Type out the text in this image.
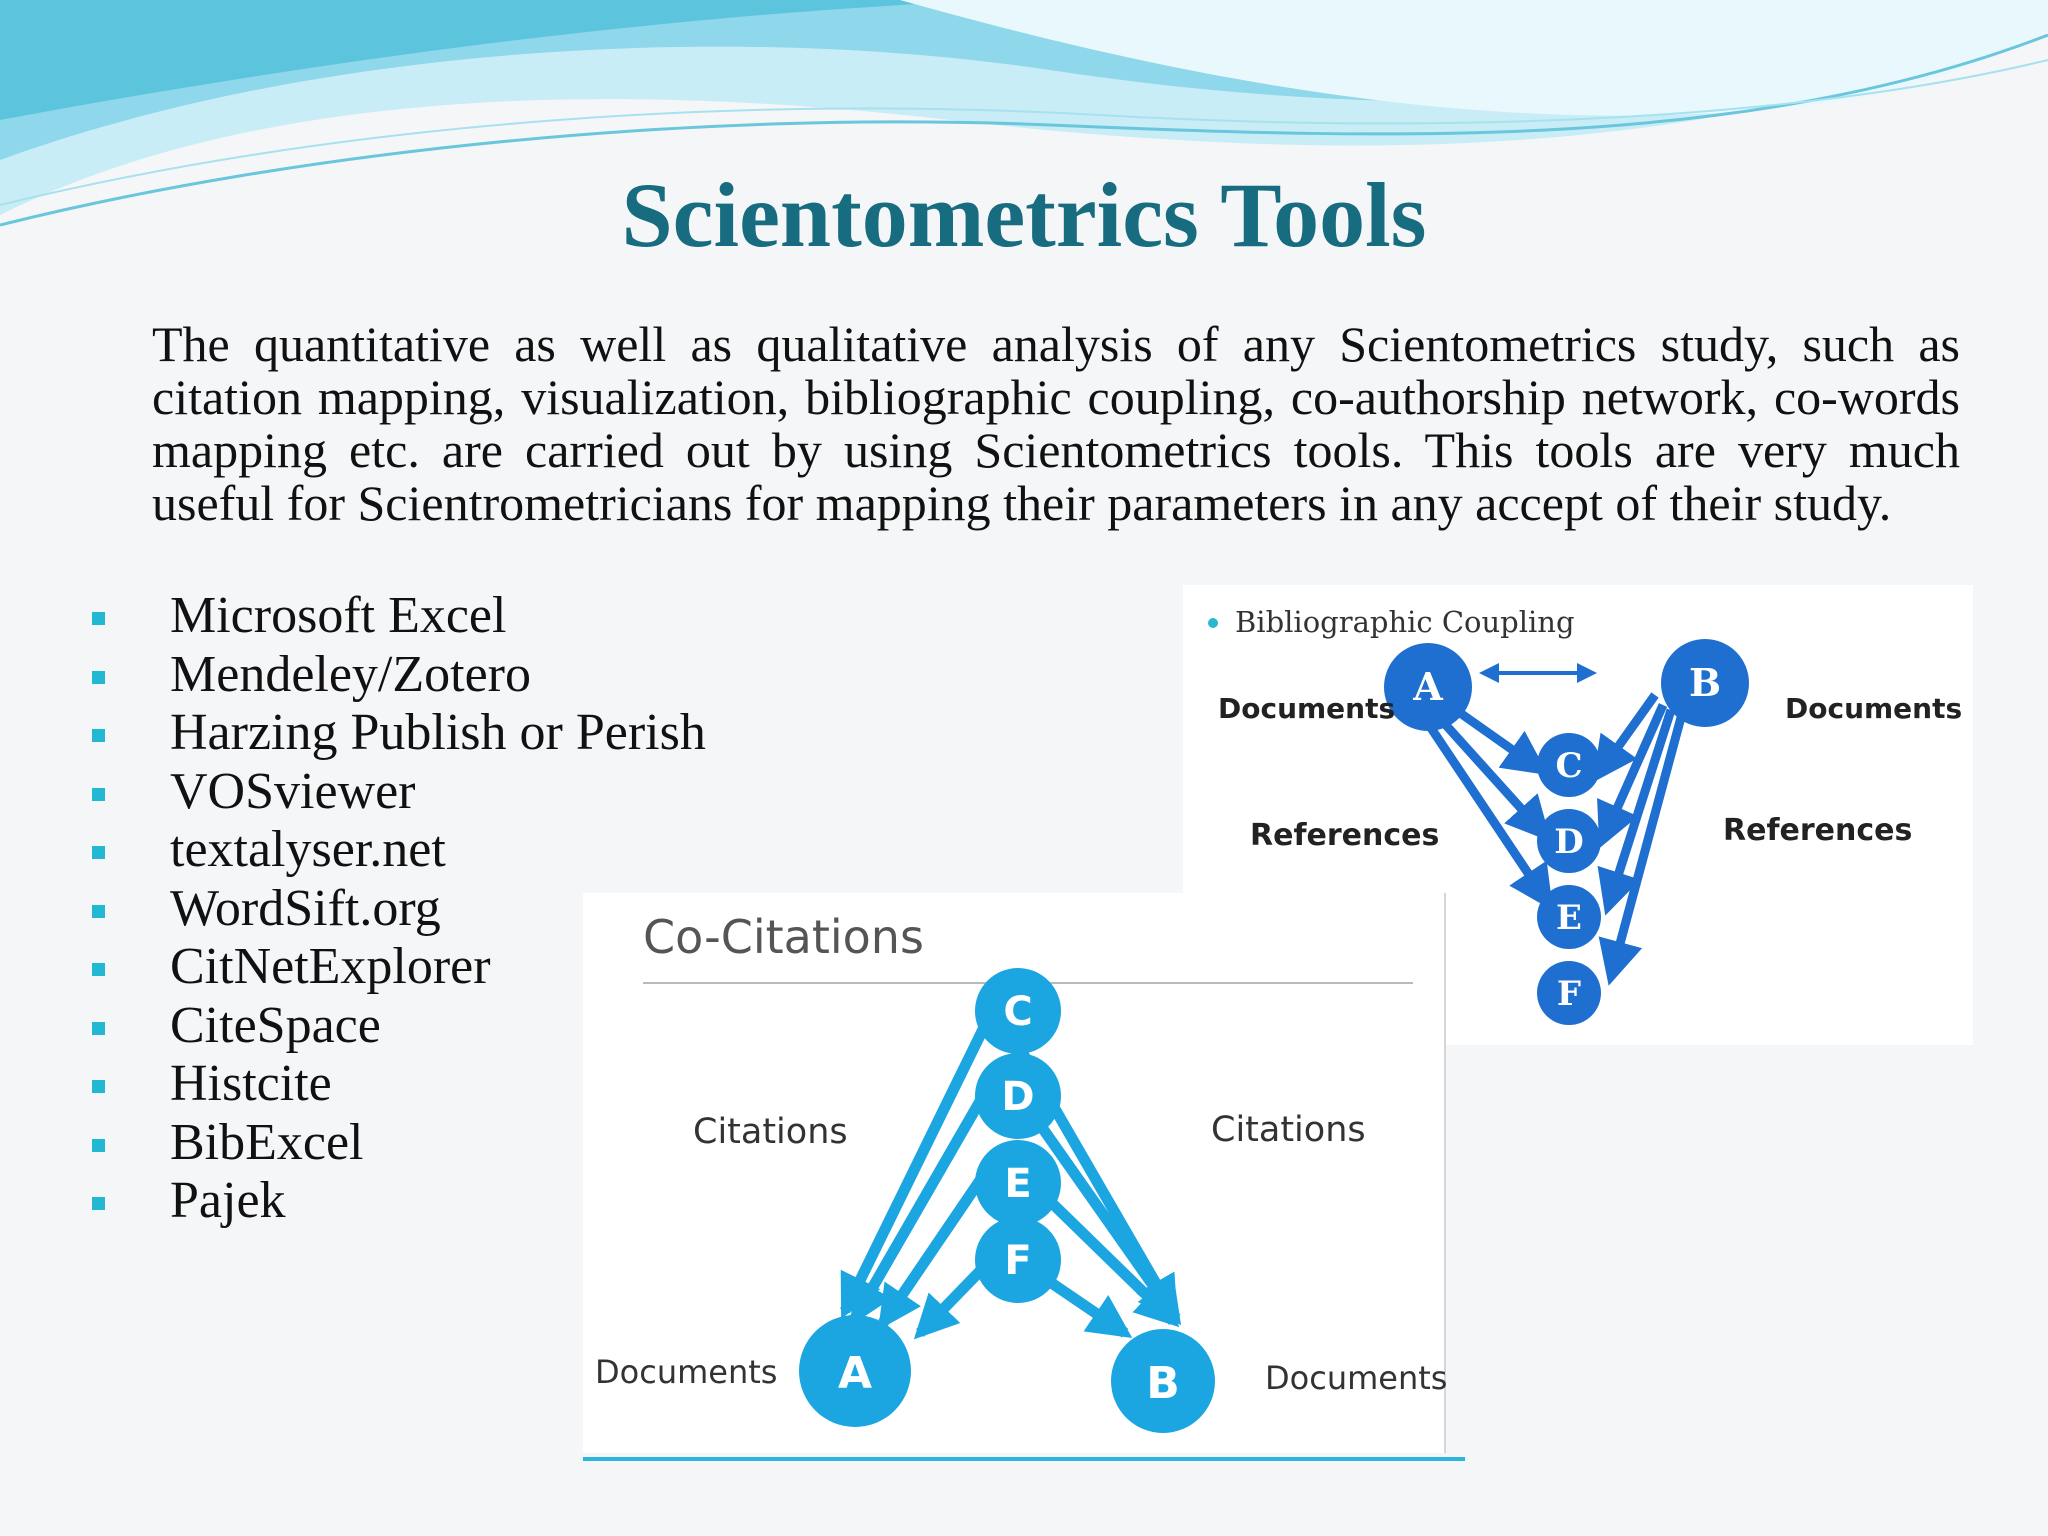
Scientometrics Tools

The quantitative as well as qualitative analysis of any Scientometrics study, such as citation mapping, visualization, bibliographic coupling, co-authorship network, co-words mapping etc. are carried out by using Scientometrics tools. This tools are very much useful for Scientrometricians for mapping their parameters in any accept of their study.

Microsoft Excel
Mendeley/Zotero
Harzing Publish or Perish
VOSviewer
textalyser.net
WordSift.org
CitNetExplorer
CiteSpace
Histcite
BibExcel
Pajek
Bibliographic Coupling
A	B
C
D
E
F
Documents	Documents
References	References
Co-Citations
C
D
E
F
A	B
Citations	Citations
Documents	Documents
